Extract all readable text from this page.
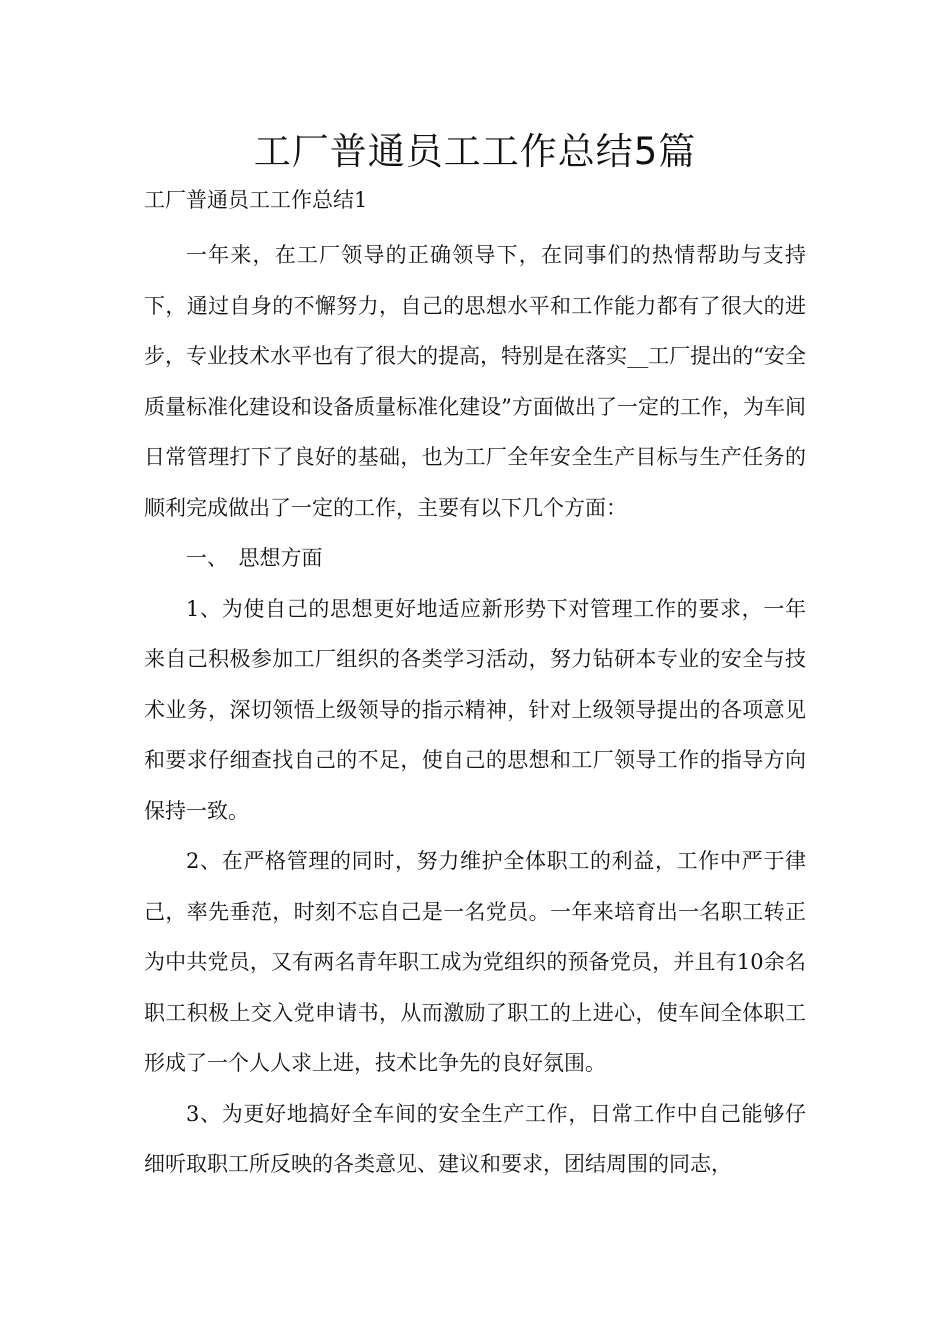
工厂普通员工工作总结5篇

工厂普通员工工作总结1

一年来，在工厂领导的正确领导下，在同事们的热情帮助与支持下，通过自身的不懈努力，自己的思想水平和工作能力都有了很大的进步，专业技术水平也有了很大的提高，特别是在落实__工厂提出的“安全质量标准化建设和设备质量标准化建设”方面做出了一定的工作，为车间日常管理打下了良好的基础，也为工厂全年安全生产目标与生产任务的顺利完成做出了一定的工作，主要有以下几个方面：

一、　思想方面

1、为使自己的思想更好地适应新形势下对管理工作的要求，一年来自己积极参加工厂组织的各类学习活动，努力钻研本专业的安全与技术业务，深切领悟上级领导的指示精神，针对上级领导提出的各项意见和要求仔细查找自己的不足，使自己的思想和工厂领导工作的指导方向保持一致。

2、在严格管理的同时，努力维护全体职工的利益，工作中严于律己，率先垂范，时刻不忘自己是一名党员。一年来培育出一名职工转正为中共党员，又有两名青年职工成为党组织的预备党员，并且有10余名职工积极上交入党申请书，从而激励了职工的上进心，使车间全体职工形成了一个人人求上进，技术比争先的良好氛围。

3、为更好地搞好全车间的安全生产工作，日常工作中自己能够仔细听取职工所反映的各类意见、建议和要求，团结周围的同志，
